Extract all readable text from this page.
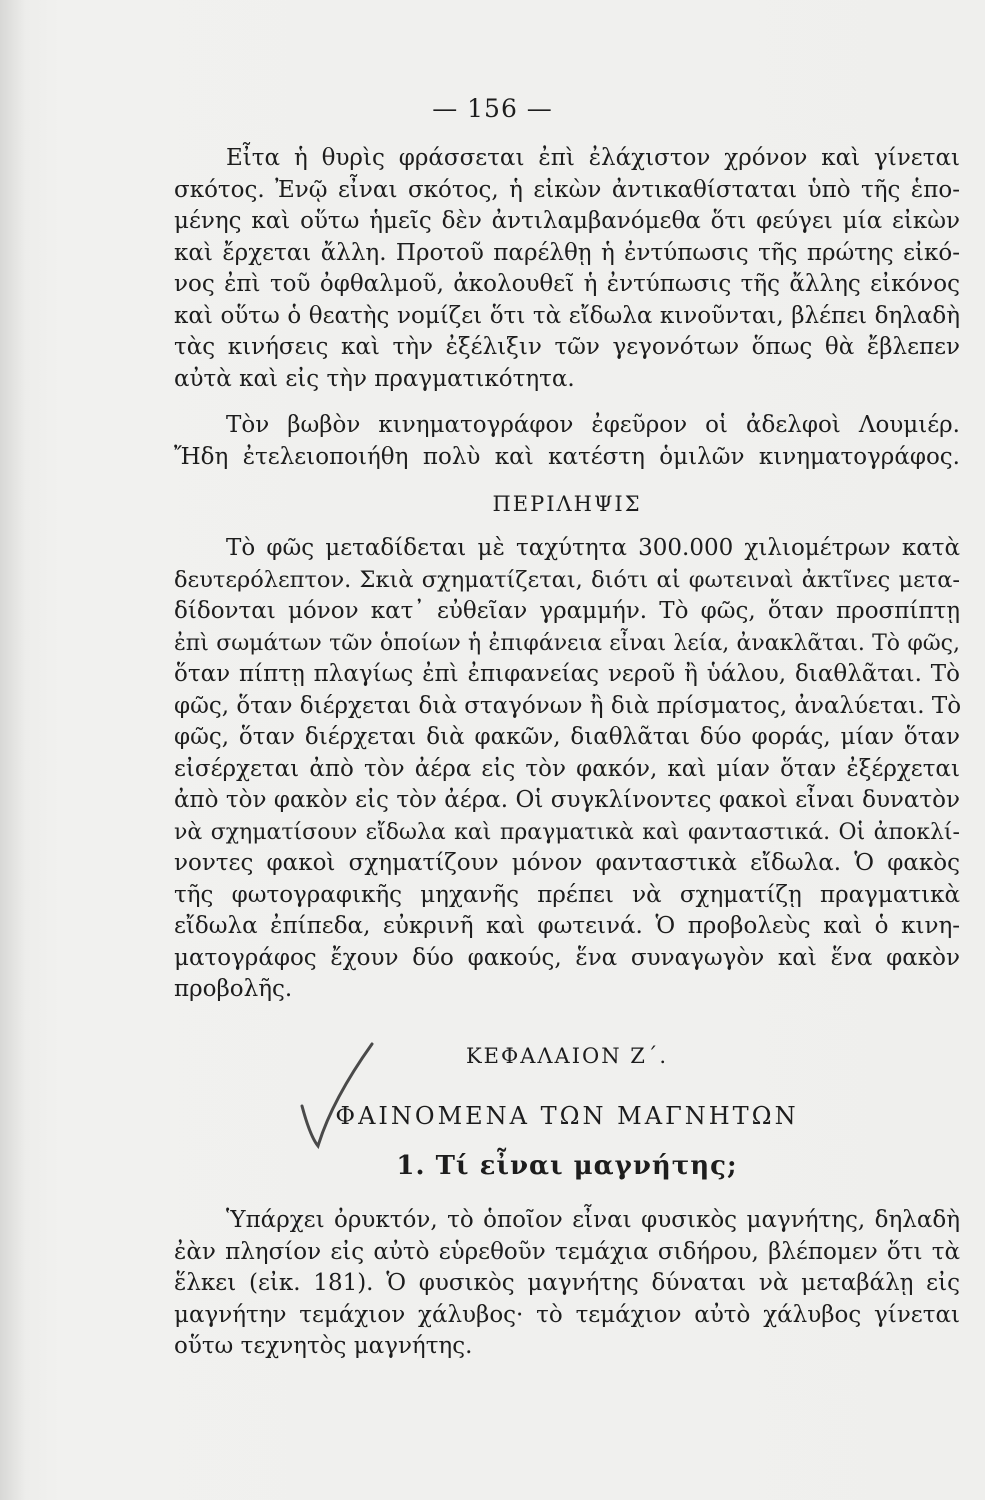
— 156 —
Εἶτα ἡ θυρὶς φράσσεται ἐπὶ ἐλάχιστον χρόνον καὶ γίνεται
σκότος. Ἐνῷ εἶναι σκότος, ἡ εἰκὼν ἀντικαθίσταται ὑπὸ τῆς ἑπο-
μένης καὶ οὕτω ἡμεῖς δὲν ἀντιλαμβανόμεθα ὅτι φεύγει μία εἰκὼν
καὶ ἔρχεται ἄλλη. Προτοῦ παρέλθῃ ἡ ἐντύπωσις τῆς πρώτης εἰκό-
νος ἐπὶ τοῦ ὀφθαλμοῦ, ἀκολουθεῖ ἡ ἐντύπωσις τῆς ἄλλης εἰκόνος
καὶ οὕτω ὁ θεατὴς νομίζει ὅτι τὰ εἴδωλα κινοῦνται, βλέπει δηλαδὴ
τὰς κινήσεις καὶ τὴν ἐξέλιξιν τῶν γεγονότων ὅπως θὰ ἔβλεπεν
αὐτὰ καὶ εἰς τὴν πραγματικότητα.
Τὸν βωβὸν κινηματογράφον ἐφεῦρον οἱ ἀδελφοὶ Λουμιέρ.
Ἤδη ἐτελειοποιήθη πολὺ καὶ κατέστη ὁμιλῶν κινηματογράφος.
ΠΕΡΙΛΗΨΙΣ
Τὸ φῶς μεταδίδεται μὲ ταχύτητα 300.000 χιλιομέτρων κατὰ
δευτερόλεπτον. Σκιὰ σχηματίζεται, διότι αἱ φωτειναὶ ἀκτῖνες μετα-
δίδονται μόνον κατ᾽ εὐθεῖαν γραμμήν. Τὸ φῶς, ὅταν προσπίπτῃ
ἐπὶ σωμάτων τῶν ὁποίων ἡ ἐπιφάνεια εἶναι λεία, ἀνακλᾶται. Τὸ φῶς,
ὅταν πίπτῃ πλαγίως ἐπὶ ἐπιφανείας νεροῦ ἢ ὑάλου, διαθλᾶται. Τὸ
φῶς, ὅταν διέρχεται διὰ σταγόνων ἢ διὰ πρίσματος, ἀναλύεται. Τὸ
φῶς, ὅταν διέρχεται διὰ φακῶν, διαθλᾶται δύο φοράς, μίαν ὅταν
εἰσέρχεται ἀπὸ τὸν ἀέρα εἰς τὸν φακόν, καὶ μίαν ὅταν ἐξέρχεται
ἀπὸ τὸν φακὸν εἰς τὸν ἀέρα. Οἱ συγκλίνοντες φακοὶ εἶναι δυνατὸν
νὰ σχηματίσουν εἴδωλα καὶ πραγματικὰ καὶ φανταστικά. Οἱ ἀποκλί-
νοντες φακοὶ σχηματίζουν μόνον φανταστικὰ εἴδωλα. Ὁ φακὸς
τῆς φωτογραφικῆς μηχανῆς πρέπει νὰ σχηματίζῃ πραγματικὰ
εἴδωλα ἐπίπεδα, εὐκρινῆ καὶ φωτεινά. Ὁ προβολεὺς καὶ ὁ κινη-
ματογράφος ἔχουν δύο φακούς, ἕνα συναγωγὸν καὶ ἕνα φακὸν
προβολῆς.
ΚΕΦΑΛΑΙΟΝ Ζ΄.
ΦΑΙΝΟΜΕΝΑ ΤΩΝ ΜΑΓΝΗΤΩΝ
1. Τί εἶναι μαγνήτης;
Ὑπάρχει ὀρυκτόν, τὸ ὁποῖον εἶναι φυσικὸς μαγνήτης, δηλαδὴ
ἐὰν πλησίον εἰς αὐτὸ εὑρεθοῦν τεμάχια σιδήρου, βλέπομεν ὅτι τὰ
ἕλκει (εἰκ. 181). Ὁ φυσικὸς μαγνήτης δύναται νὰ μεταβάλῃ εἰς
μαγνήτην τεμάχιον χάλυβος· τὸ τεμάχιον αὐτὸ χάλυβος γίνεται
οὕτω τεχνητὸς μαγνήτης.
